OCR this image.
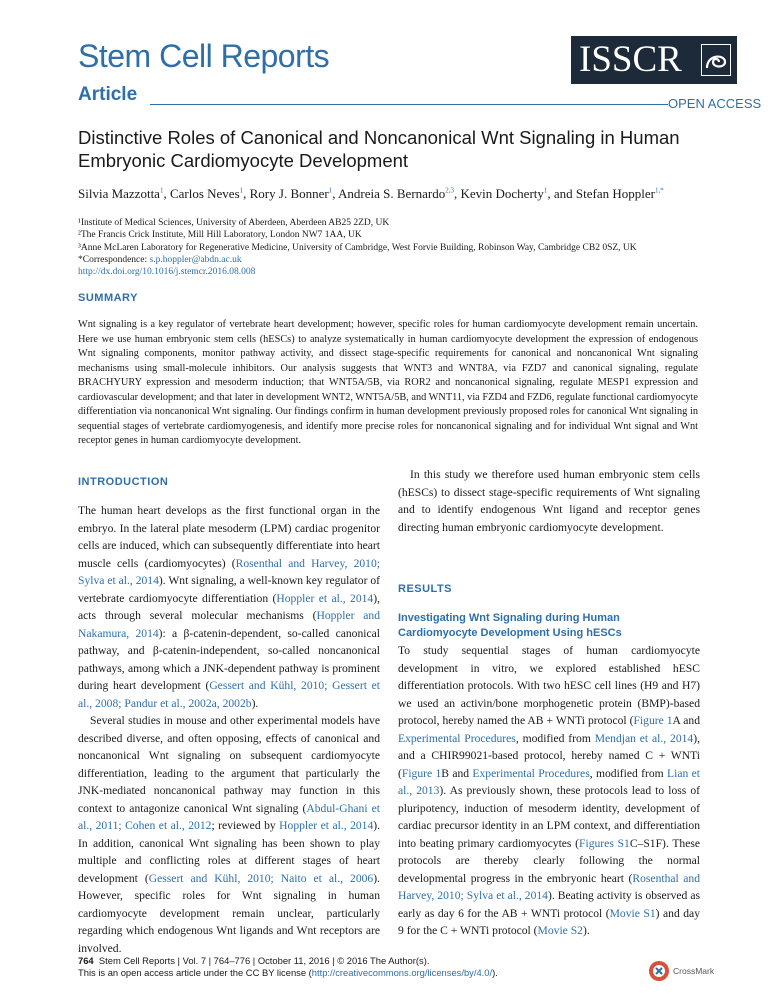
Stem Cell Reports
Article
ISSCR
OPEN ACCESS
Distinctive Roles of Canonical and Noncanonical Wnt Signaling in Human Embryonic Cardiomyocyte Development
Silvia Mazzotta$^1$, Carlos Neves$^1$, Rory J. Bonner$^1$, Andreia S. Bernardo$^{2,3}$, Kevin Docherty$^1$, and Stefan Hoppler$^{1,*}$
¹Institute of Medical Sciences, University of Aberdeen, Aberdeen AB25 2ZD, UK
²The Francis Crick Institute, Mill Hill Laboratory, London NW7 1AA, UK
³Anne McLaren Laboratory for Regenerative Medicine, University of Cambridge, West Forvie Building, Robinson Way, Cambridge CB2 0SZ, UK
*Correspondence: s.p.hoppler@abdn.ac.uk
http://dx.doi.org/10.1016/j.stemcr.2016.08.008
SUMMARY
Wnt signaling is a key regulator of vertebrate heart development; however, specific roles for human cardiomyocyte development remain uncertain. Here we use human embryonic stem cells (hESCs) to analyze systematically in human cardiomyocyte development the expression of endogenous Wnt signaling components, monitor pathway activity, and dissect stage-specific requirements for canonical and noncanonical Wnt signaling mechanisms using small-molecule inhibitors. Our analysis suggests that WNT3 and WNT8A, via FZD7 and canonical signaling, regulate BRACHYURY expression and mesoderm induction; that WNT5A/5B, via ROR2 and noncanonical signaling, regulate MESP1 expression and cardiovascular development; and that later in development WNT2, WNT5A/5B, and WNT11, via FZD4 and FZD6, regulate functional cardiomyocyte differentiation via noncanonical Wnt signaling. Our findings confirm in human development previously proposed roles for canonical Wnt signaling in sequential stages of vertebrate cardiomyogenesis, and identify more precise roles for noncanonical signaling and for individual Wnt signal and Wnt receptor genes in human cardiomyocyte development.
INTRODUCTION

The human heart develops as the first functional organ in the embryo. In the lateral plate mesoderm (LPM) cardiac progenitor cells are induced, which can subsequently differentiate into heart muscle cells (cardiomyocytes) (Rosenthal and Harvey, 2010; Sylva et al., 2014). Wnt signaling, a well-known key regulator of vertebrate cardiomyocyte differentiation (Hoppler et al., 2014), acts through several molecular mechanisms (Hoppler and Nakamura, 2014): a β-catenin-dependent, so-called canonical pathway, and β-catenin-independent, so-called noncanonical pathways, among which a JNK-dependent pathway is prominent during heart development (Gessert and Kühl, 2010; Gessert et al., 2008; Pandur et al., 2002a, 2002b).

Several studies in mouse and other experimental models have described diverse, and often opposing, effects of canonical and noncanonical Wnt signaling on subsequent cardiomyocyte differentiation, leading to the argument that particularly the JNK-mediated noncanonical pathway may function in this context to antagonize canonical Wnt signaling (Abdul-Ghani et al., 2011; Cohen et al., 2012; reviewed by Hoppler et al., 2014). In addition, canonical Wnt signaling has been shown to play multiple and conflicting roles at different stages of heart development (Gessert and Kühl, 2010; Naito et al., 2006). However, specific roles for Wnt signaling in human cardiomyocyte development remain unclear, particularly regarding which endogenous Wnt ligands and Wnt receptors are involved.

In this study we therefore used human embryonic stem cells (hESCs) to dissect stage-specific requirements of Wnt signaling and to identify endogenous Wnt ligand and receptor genes directing human embryonic cardiomyocyte development.

RESULTS
Investigating Wnt Signaling during Human Cardiomyocyte Development Using hESCs

To study sequential stages of human cardiomyocyte development in vitro, we explored established hESC differentiation protocols. With two hESC cell lines (H9 and H7) we used an activin/bone morphogenetic protein (BMP)-based protocol, hereby named the AB + WNTi protocol (Figure 1A and Experimental Procedures, modified from Mendjan et al., 2014), and a CHIR99021-based protocol, hereby named C + WNTi (Figure 1B and Experimental Procedures, modified from Lian et al., 2013). As previously shown, these protocols lead to loss of pluripotency, induction of mesoderm identity, development of cardiac precursor identity in an LPM context, and differentiation into beating primary cardiomyocytes (Figures S1C–S1F). These protocols are thereby clearly following the normal developmental progress in the embryonic heart (Rosenthal and Harvey, 2010; Sylva et al., 2014). Beating activity is observed as early as day 6 for the AB + WNTi protocol (Movie S1) and day 9 for the C + WNTi protocol (Movie S2).

764 Stem Cell Reports | Vol. 7 | 764–776 | October 11, 2016 | © 2016 The Author(s).
This is an open access article under the CC BY license (http://creativecommons.org/licenses/by/4.0/).	CrossMark
